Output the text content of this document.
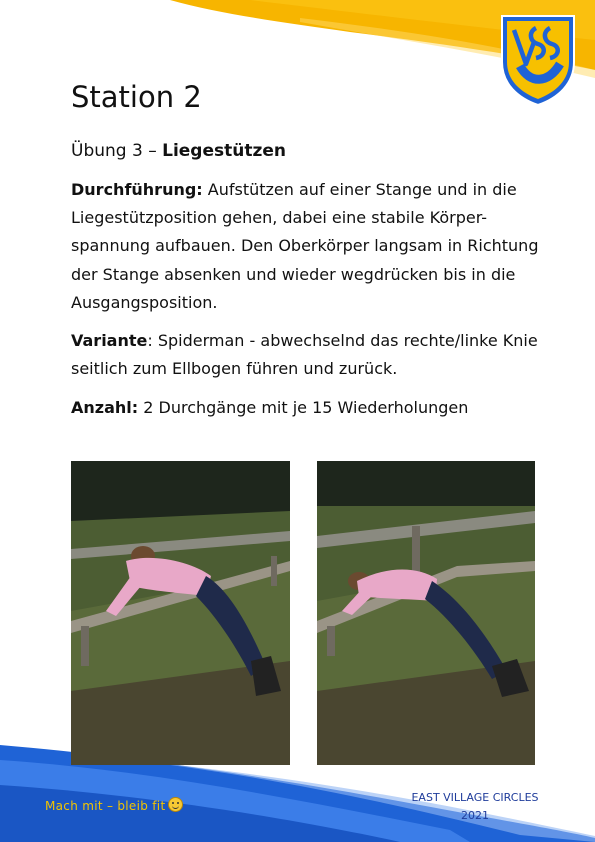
Station 2

Übung 3 – Liegestützen

Durchführung: Aufstützen auf einer Stange und in die Liegestützposition gehen, dabei eine stabile Körper-spannung aufbauen. Den Oberkörper langsam in Richtung der Stange absenken und wieder wegdrücken bis in die Ausgangsposition.

Variante: Spiderman - abwechselnd das rechte/linke Knie seitlich zum Ellbogen führen und zurück.

Anzahl: 2 Durchgänge mit je 15 Wiederholungen

Mach mit – bleib fit
EAST VILLAGE CIRCLES
2021
